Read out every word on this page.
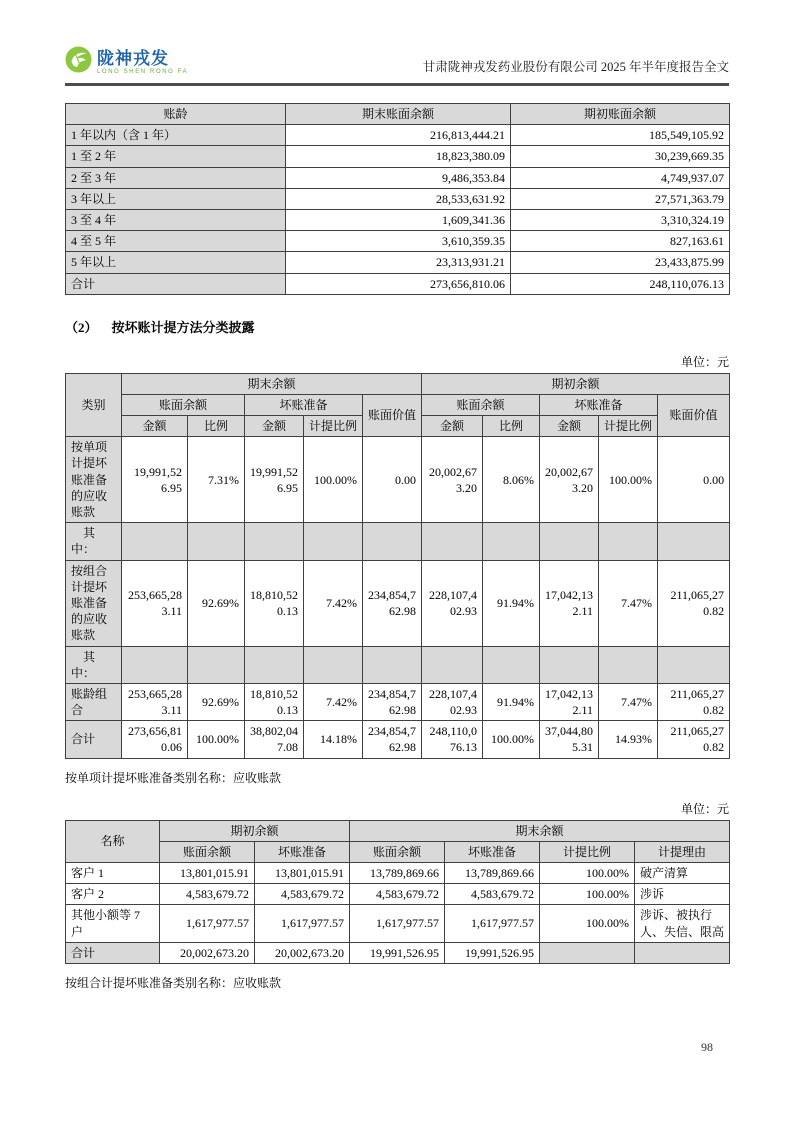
陇神戎发
LONG SHEN RONG FA	甘肃陇神戎发药业股份有限公司 2025 年半年度报告全文
账龄	期末账面余额	期初账面余额
1 年以内（含 1 年）	216,813,444.21	185,549,105.92
1 至 2 年	18,823,380.09	30,239,669.35
2 至 3 年	9,486,353.84	4,749,937.07
3 年以上	28,533,631.92	27,571,363.79
3 至 4 年	1,609,341.36	3,310,324.19
4 至 5 年	3,610,359.35	827,163.61
5 年以上	23,313,931.21	23,433,875.99
合计	273,656,810.06	248,110,076.13
（2） 按坏账计提方法分类披露
单位：元
类别	期末余额					期初余额				
	账面余额		坏账准备		账面价值	账面余额		坏账准备		账面价值
	金额	比例	金额	计提比例		金额	比例	金额	计提比例	
按单项计提坏账准备的应收账款	19,991,526.95	7.31%	19,991,526.95	100.00%	0.00	20,002,673.20	8.06%	20,002,673.20	100.00%	0.00
　其中：										
按组合计提坏账准备的应收账款	253,665,283.11	92.69%	18,810,520.13	7.42%	234,854,762.98	228,107,402.93	91.94%	17,042,132.11	7.47%	211,065,270.82
　其中：										
账龄组合	253,665,283.11	92.69%	18,810,520.13	7.42%	234,854,762.98	228,107,402.93	91.94%	17,042,132.11	7.47%	211,065,270.82
合计	273,656,810.06	100.00%	38,802,047.08	14.18%	234,854,762.98	248,110,076.13	100.00%	37,044,805.31	14.93%	211,065,270.82
按单项计提坏账准备类别名称：应收账款
单位：元
名称	期初余额		期末余额			
	账面余额	坏账准备	账面余额	坏账准备	计提比例	计提理由
客户 1	13,801,015.91	13,801,015.91	13,789,869.66	13,789,869.66	100.00%	破产清算
客户 2	4,583,679.72	4,583,679.72	4,583,679.72	4,583,679.72	100.00%	涉诉
其他小额等 7 户	1,617,977.57	1,617,977.57	1,617,977.57	1,617,977.57	100.00%	涉诉、被执行人、失信、限高
合计	20,002,673.20	20,002,673.20	19,991,526.95	19,991,526.95		
按组合计提坏账准备类别名称：应收账款
98
